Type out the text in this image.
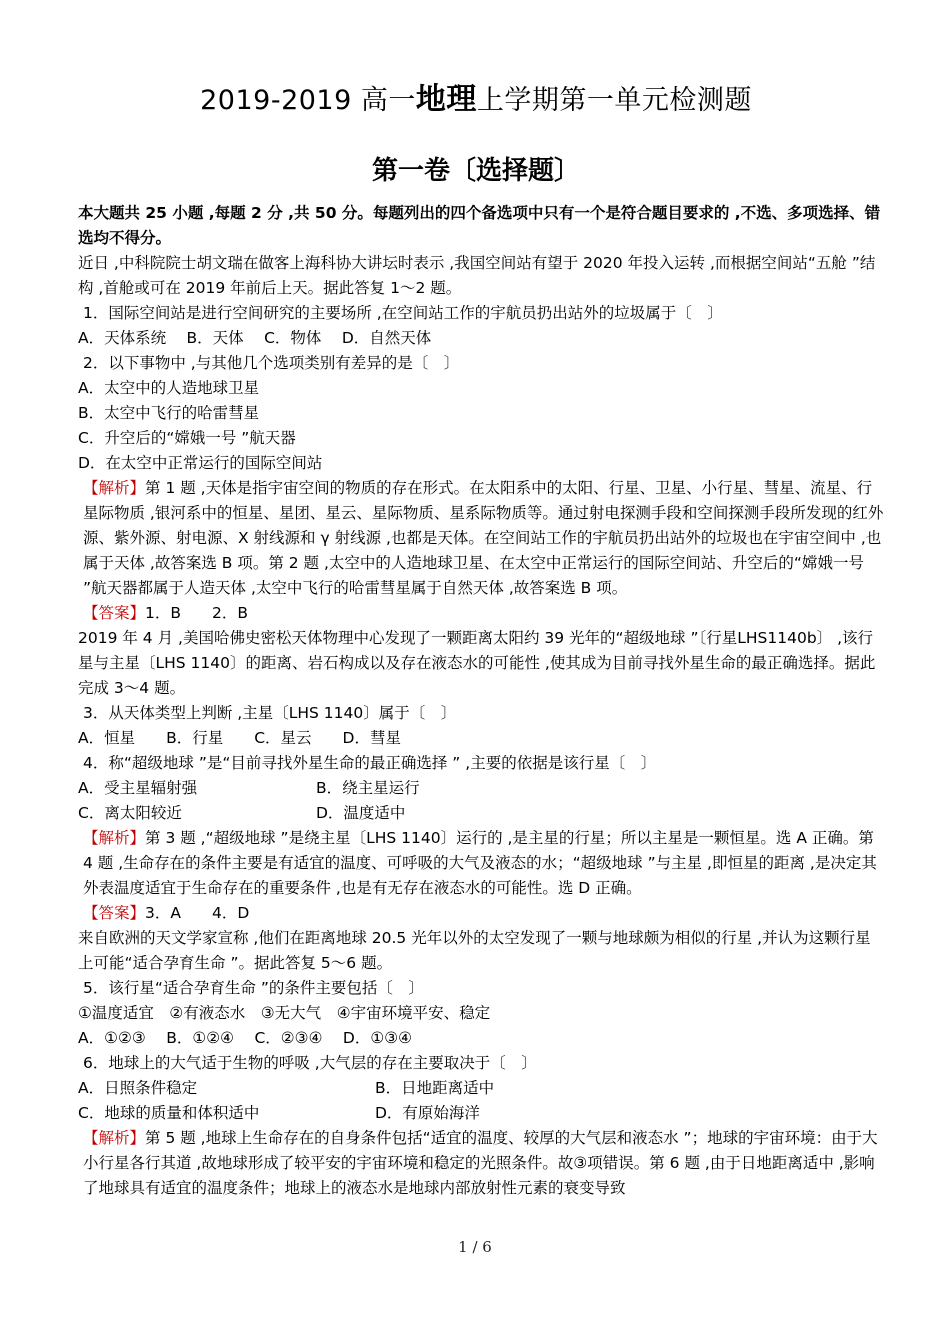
2019-2019 高一地理上学期第一单元检测题
第一卷〔选择题〕

本大题共 25 小题 ,每题 2 分 ,共 50 分。每题列出的四个备选项中只有一个是符合题目要求的 ,不选、多项选择、错选均不得分。

近日 ,中科院院士胡文瑞在做客上海科协大讲坛时表示 ,我国空间站有望于 2020 年投入运转 ,而根据空间站“五舱 ”结构 ,首舱或可在 2019 年前后上天。据此答复 1～2 题。

1．国际空间站是进行空间研究的主要场所 ,在空间站工作的宇航员扔出站外的垃圾属于〔　〕

A．天体系统　 B．天体　 C．物体　 D．自然天体

2．以下事物中 ,与其他几个选项类别有差异的是〔　〕

A．太空中的人造地球卫星

B．太空中飞行的哈雷彗星

C．升空后的“嫦娥一号 ”航天器

D．在太空中正常运行的国际空间站

【解析】第 1 题 ,天体是指宇宙空间的物质的存在形式。在太阳系中的太阳、行星、卫星、小行星、彗星、流星、行星际物质 ,银河系中的恒星、星团、星云、星际物质、星系际物质等。通过射电探测手段和空间探测手段所发现的红外源、紫外源、射电源、X 射线源和 γ 射线源 ,也都是天体。在空间站工作的宇航员扔出站外的垃圾也在宇宙空间中 ,也属于天体 ,故答案选 B 项。第 2 题 ,太空中的人造地球卫星、在太空中正常运行的国际空间站、升空后的“嫦娥一号 ”航天器都属于人造天体 ,太空中飞行的哈雷彗星属于自然天体 ,故答案选 B 项。

【答案】1．B　　2．B

2019 年 4 月 ,美国哈佛史密松天体物理中心发现了一颗距离太阳约 39 光年的“超级地球 ”〔行星LHS1140b〕 ,该行星与主星〔LHS 1140〕的距离、岩石构成以及存在液态水的可能性 ,使其成为目前寻找外星生命的最正确选择。据此完成 3～4 题。

3．从天体类型上判断 ,主星〔LHS 1140〕属于〔　〕

A．恒星　　B．行星　　C．星云　　D．彗星

4．称“超级地球 ”是“目前寻找外星生命的最正确选择 ” ,主要的依据是该行星〔　〕

A．受主星辐射强	B．绕主星运行
C．离太阳较近	D．温度适中

【解析】第 3 题 ,“超级地球 ”是绕主星〔LHS 1140〕运行的 ,是主星的行星；所以主星是一颗恒星。选 A 正确。第 4 题 ,生命存在的条件主要是有适宜的温度、可呼吸的大气及液态的水；“超级地球 ”与主星 ,即恒星的距离 ,是决定其外表温度适宜于生命存在的重要条件 ,也是有无存在液态水的可能性。选 D 正确。

【答案】3．A　　4．D

来自欧洲的天文学家宣称 ,他们在距离地球 20.5 光年以外的太空发现了一颗与地球颇为相似的行星 ,并认为这颗行星上可能“适合孕育生命 ”。据此答复 5～6 题。

5．该行星“适合孕育生命 ”的条件主要包括〔　〕

①温度适宜　②有液态水　③无大气　④宇宙环境平安、稳定

A．①②③　 B．①②④　 C．②③④　 D．①③④

6．地球上的大气适于生物的呼吸 ,大气层的存在主要取决于〔　〕

A．日照条件稳定	B．日地距离适中
C．地球的质量和体积适中	D．有原始海洋

【解析】第 5 题 ,地球上生命存在的自身条件包括“适宜的温度、较厚的大气层和液态水 ”；地球的宇宙环境：由于大小行星各行其道 ,故地球形成了较平安的宇宙环境和稳定的光照条件。故③项错误。第 6 题 ,由于日地距离适中 ,影响了地球具有适宜的温度条件；地球上的液态水是地球内部放射性元素的衰变导致

1 / 6
